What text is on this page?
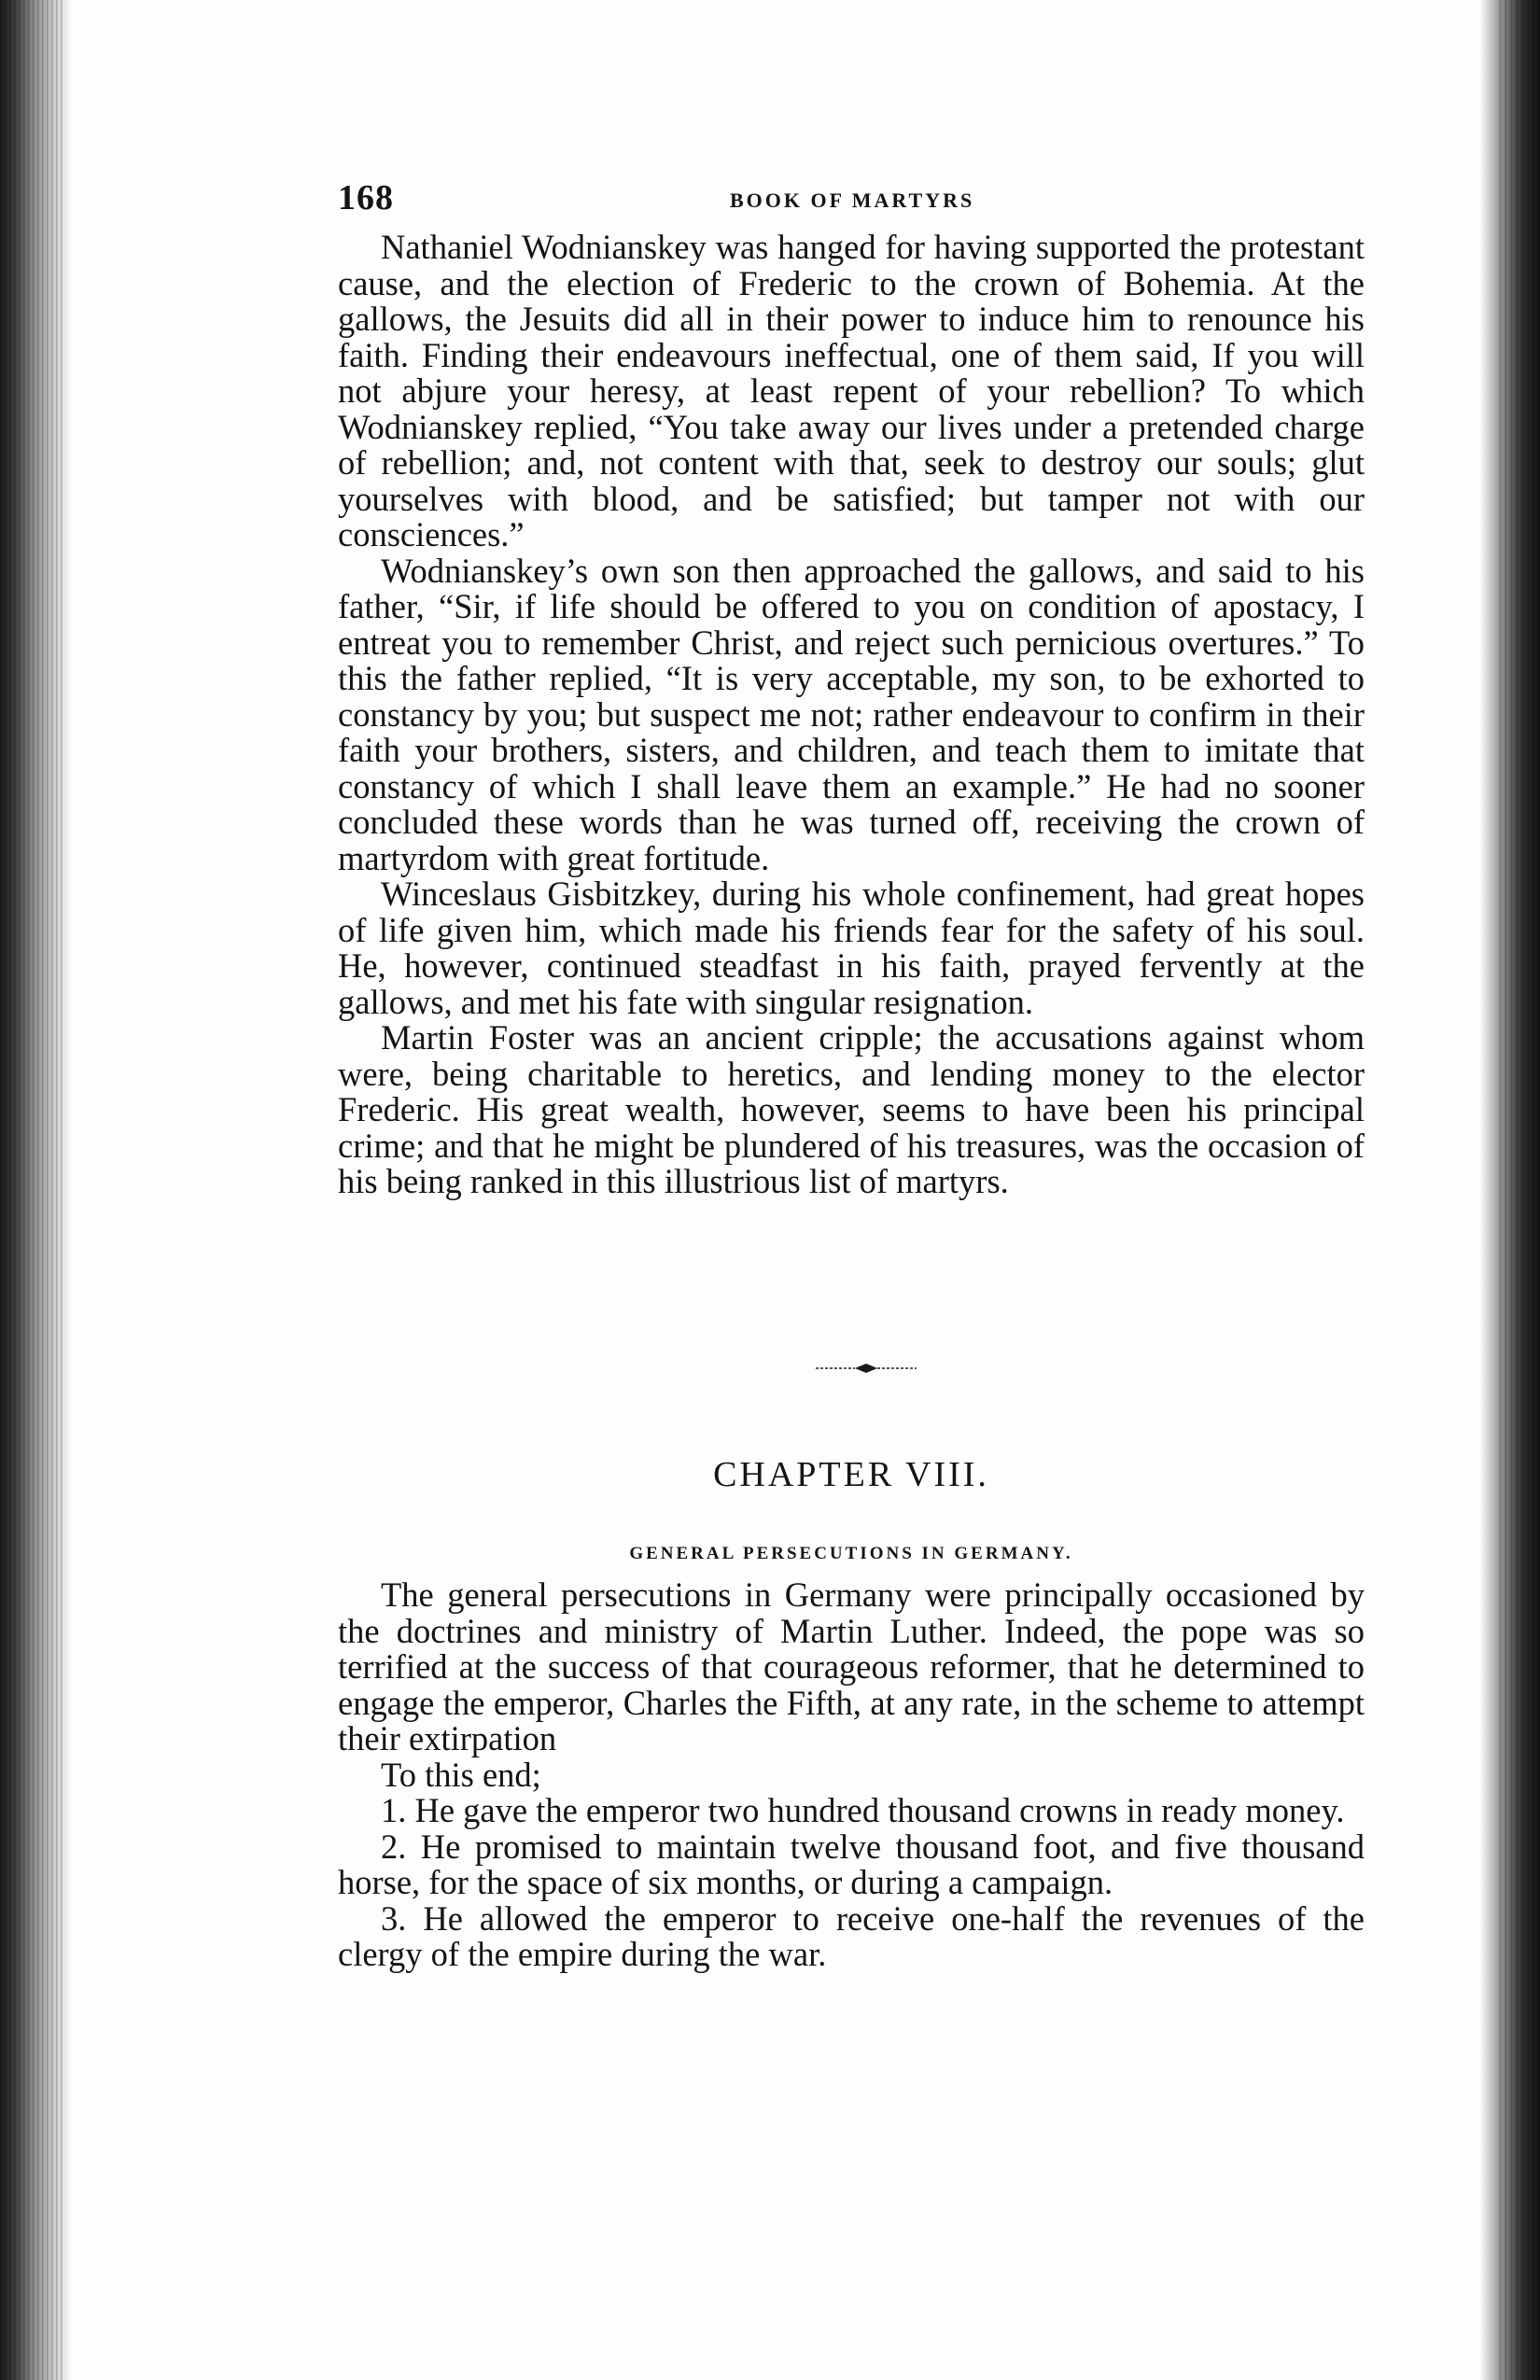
168	BOOK OF MARTYRS

Nathaniel Wodnianskey was hanged for having supported the protestant cause, and the election of Frederic to the crown of Bohemia. At the gallows, the Jesuits did all in their power to induce him to renounce his faith. Finding their endeavours ineffectual, one of them said, If you will not abjure your heresy, at least repent of your rebellion? To which Wodnianskey replied, “You take away our lives under a pretended charge of rebellion; and, not content with that, seek to destroy our souls; glut yourselves with blood, and be satisfied; but tamper not with our consciences.”

Wodnianskey’s own son then approached the gallows, and said to his father, “Sir, if life should be offered to you on condition of apostacy, I entreat you to remember Christ, and reject such pernicious overtures.” To this the father replied, “It is very acceptable, my son, to be exhorted to constancy by you; but suspect me not; rather endeavour to confirm in their faith your brothers, sisters, and children, and teach them to imitate that constancy of which I shall leave them an example.” He had no sooner concluded these words than he was turned off, receiving the crown of martyrdom with great fortitude.

Winceslaus Gisbitzkey, during his whole confinement, had great hopes of life given him, which made his friends fear for the safety of his soul. He, however, continued steadfast in his faith, prayed fervently at the gallows, and met his fate with singular resignation.

Martin Foster was an ancient cripple; the accusations against whom were, being charitable to heretics, and lending money to the elector Frederic. His great wealth, however, seems to have been his principal crime; and that he might be plundered of his treasures, was the occasion of his being ranked in this illustrious list of martyrs.

CHAPTER VIII.
GENERAL PERSECUTIONS IN GERMANY.

The general persecutions in Germany were principally occasioned by the doctrines and ministry of Martin Luther. Indeed, the pope was so terrified at the success of that courageous reformer, that he determined to engage the emperor, Charles the Fifth, at any rate, in the scheme to attempt their extirpation

To this end;

1. He gave the emperor two hundred thousand crowns in ready money.

2. He promised to maintain twelve thousand foot, and five thousand horse, for the space of six months, or during a campaign.

3. He allowed the emperor to receive one-half the revenues of the clergy of the empire during the war.
